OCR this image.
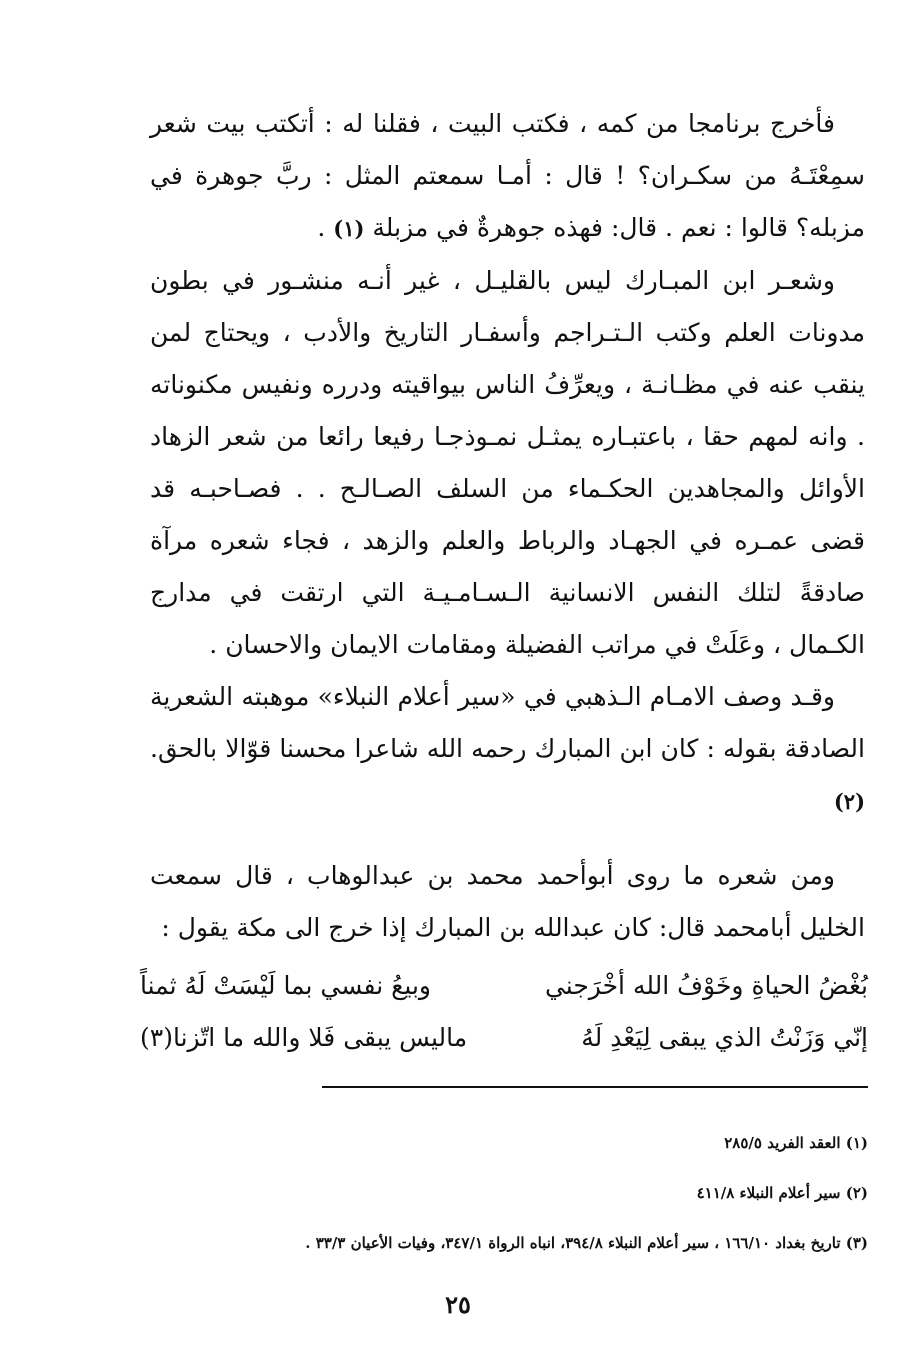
فأخرج برنامجا من كمه ، فكتب البيت ، فقلنا له : أتكتب بيت شعر سمِعْتَـهُ من سكـران؟ ! قال : أمـا سمعتم المثل : ربَّ جوهرة في مزبله؟ قالوا : نعم . قال: فهذه جوهرةٌ في مزبلة (١) .

وشعـر ابن المبـارك ليس بالقليـل ، غير أنـه منشـور في بطون مدونات العلم وكتب الـتـراجم وأسفـار التاريخ والأدب ، ويحتاج لمن ينقب عنه في مظـانـة ، ويعرِّفُ الناس بيواقيته ودرره ونفيس مكنوناته . وانه لمهم حقا ، باعتبـاره يمثـل نمـوذجـا رفيعا رائعا من شعر الزهاد الأوائل والمجاهدين الحكـماء من السلف الصـالـح . . فصـاحبـه قد قضى عمـره في الجهـاد والرباط والعلم والزهد ، فجاء شعره مرآة صادقةً لتلك النفس الانسانية الـسـامـيـة التي ارتقت في مدارج الكـمال ، وعَلَتْ في مراتب الفضيلة ومقامات الايمان والاحسان .

وقـد وصف الامـام الـذهبي في «سير أعلام النبلاء» موهبته الشعرية الصادقة بقوله : كان ابن المبارك رحمه الله شاعرا محسنا قوّالا بالحق.(٢)

ومن شعره ما روى أبوأحمد محمد بن عبدالوهاب ، قال سمعت الخليل أبامحمد قال: كان عبدالله بن المبارك إذا خرج الى مكة يقول :

بُغْضُ الحياةِ وخَوْفُ الله أخْرَجني
وبيعُ نفسي بما لَيْسَتْ لَهُ ثمناً
إنّي وَزَنْتُ الذي يبقى لِيَعْدِ لَهُ
ماليس يبقى فَلا والله ما اتّزنا(٣)
(١) العقد الفريد ٢٨٥/٥
(٢) سير أعلام النبلاء ٤١١/٨
(٣) تاريخ بغداد ١٦٦/١٠ ، سير أعلام النبلاء ٣٩٤/٨، انباه الرواة ٣٤٧/١، وفيات الأعيان ٣٣/٣ .
٢٥
